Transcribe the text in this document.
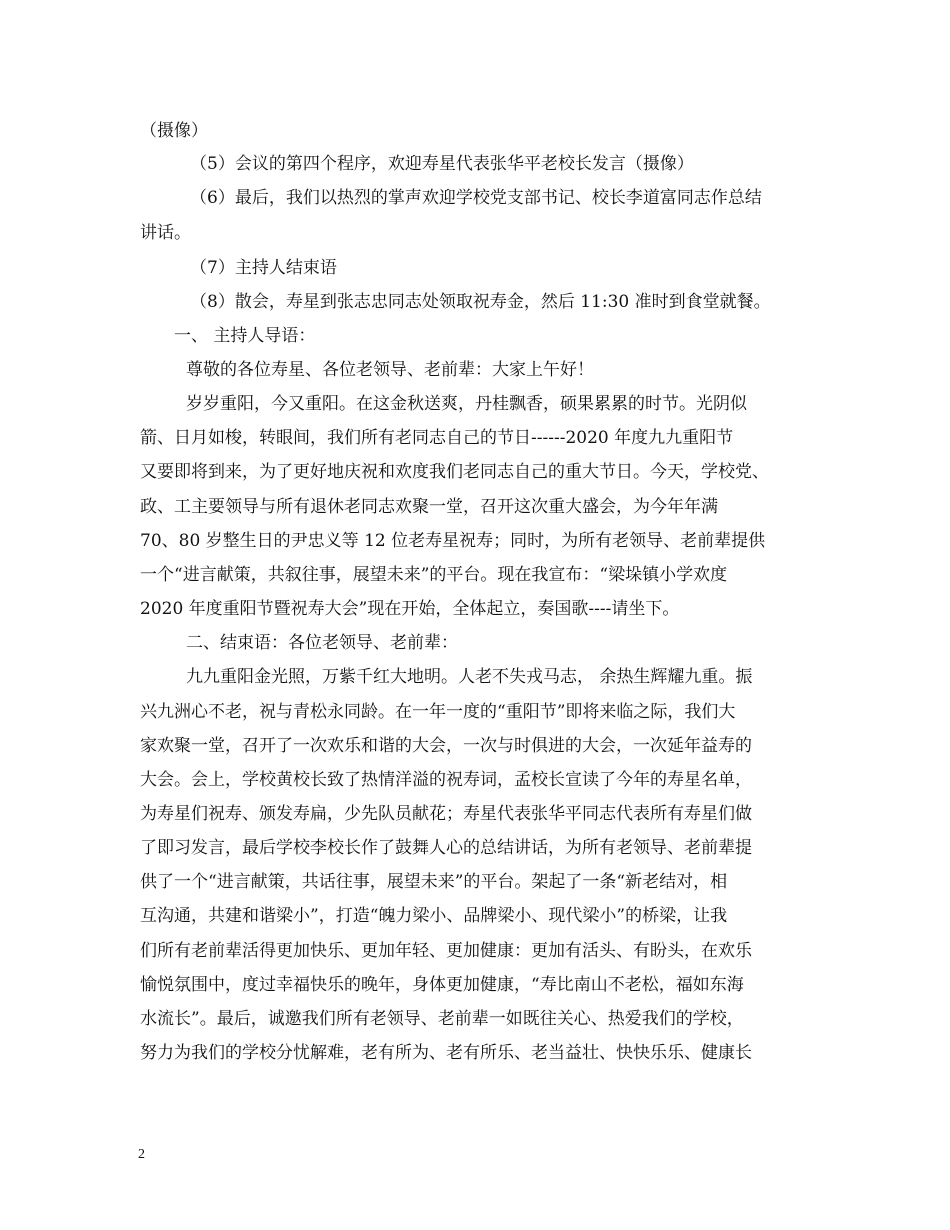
（摄像）
（5）会议的第四个程序，欢迎寿星代表张华平老校长发言（摄像）
（6）最后，我们以热烈的掌声欢迎学校党支部书记、校长李道富同志作总结
讲话。
（7）主持人结束语
（8）散会，寿星到张志忠同志处领取祝寿金，然后 11:30 准时到食堂就餐。
一、 主持人导语：
尊敬的各位寿星、各位老领导、老前辈：大家上午好！
岁岁重阳，今又重阳。在这金秋送爽，丹桂飘香，硕果累累的时节。光阴似
箭、日月如梭，转眼间，我们所有老同志自己的节日------2020 年度九九重阳节
又要即将到来，为了更好地庆祝和欢度我们老同志自己的重大节日。今天，学校党、
政、工主要领导与所有退休老同志欢聚一堂，召开这次重大盛会，为今年年满
70、80 岁整生日的尹忠义等 12 位老寿星祝寿；同时，为所有老领导、老前辈提供
一个“进言献策，共叙往事，展望未来”的平台。现在我宣布：“梁垛镇小学欢度
2020 年度重阳节暨祝寿大会”现在开始，全体起立，奏国歌----请坐下。
二、结束语：各位老领导、老前辈：
九九重阳金光照，万紫千红大地明。人老不失戎马志， 余热生辉耀九重。振
兴九洲心不老，祝与青松永同龄。在一年一度的“重阳节”即将来临之际，我们大
家欢聚一堂，召开了一次欢乐和谐的大会，一次与时俱进的大会，一次延年益寿的
大会。会上，学校黄校长致了热情洋溢的祝寿词，孟校长宣读了今年的寿星名单，
为寿星们祝寿、颁发寿扁，少先队员献花；寿星代表张华平同志代表所有寿星们做
了即习发言，最后学校李校长作了鼓舞人心的总结讲话，为所有老领导、老前辈提
供了一个“进言献策，共话往事，展望未来”的平台。架起了一条“新老结对，相
互沟通，共建和谐梁小”，打造“魄力梁小、品牌梁小、现代梁小”的桥梁，让我
们所有老前辈活得更加快乐、更加年轻、更加健康：更加有活头、有盼头，在欢乐
愉悦氛围中，度过幸福快乐的晚年，身体更加健康，“寿比南山不老松，福如东海
水流长”。最后，诚邀我们所有老领导、老前辈一如既往关心、热爱我们的学校，
努力为我们的学校分忧解难，老有所为、老有所乐、老当益壮、快快乐乐、健康长
2
